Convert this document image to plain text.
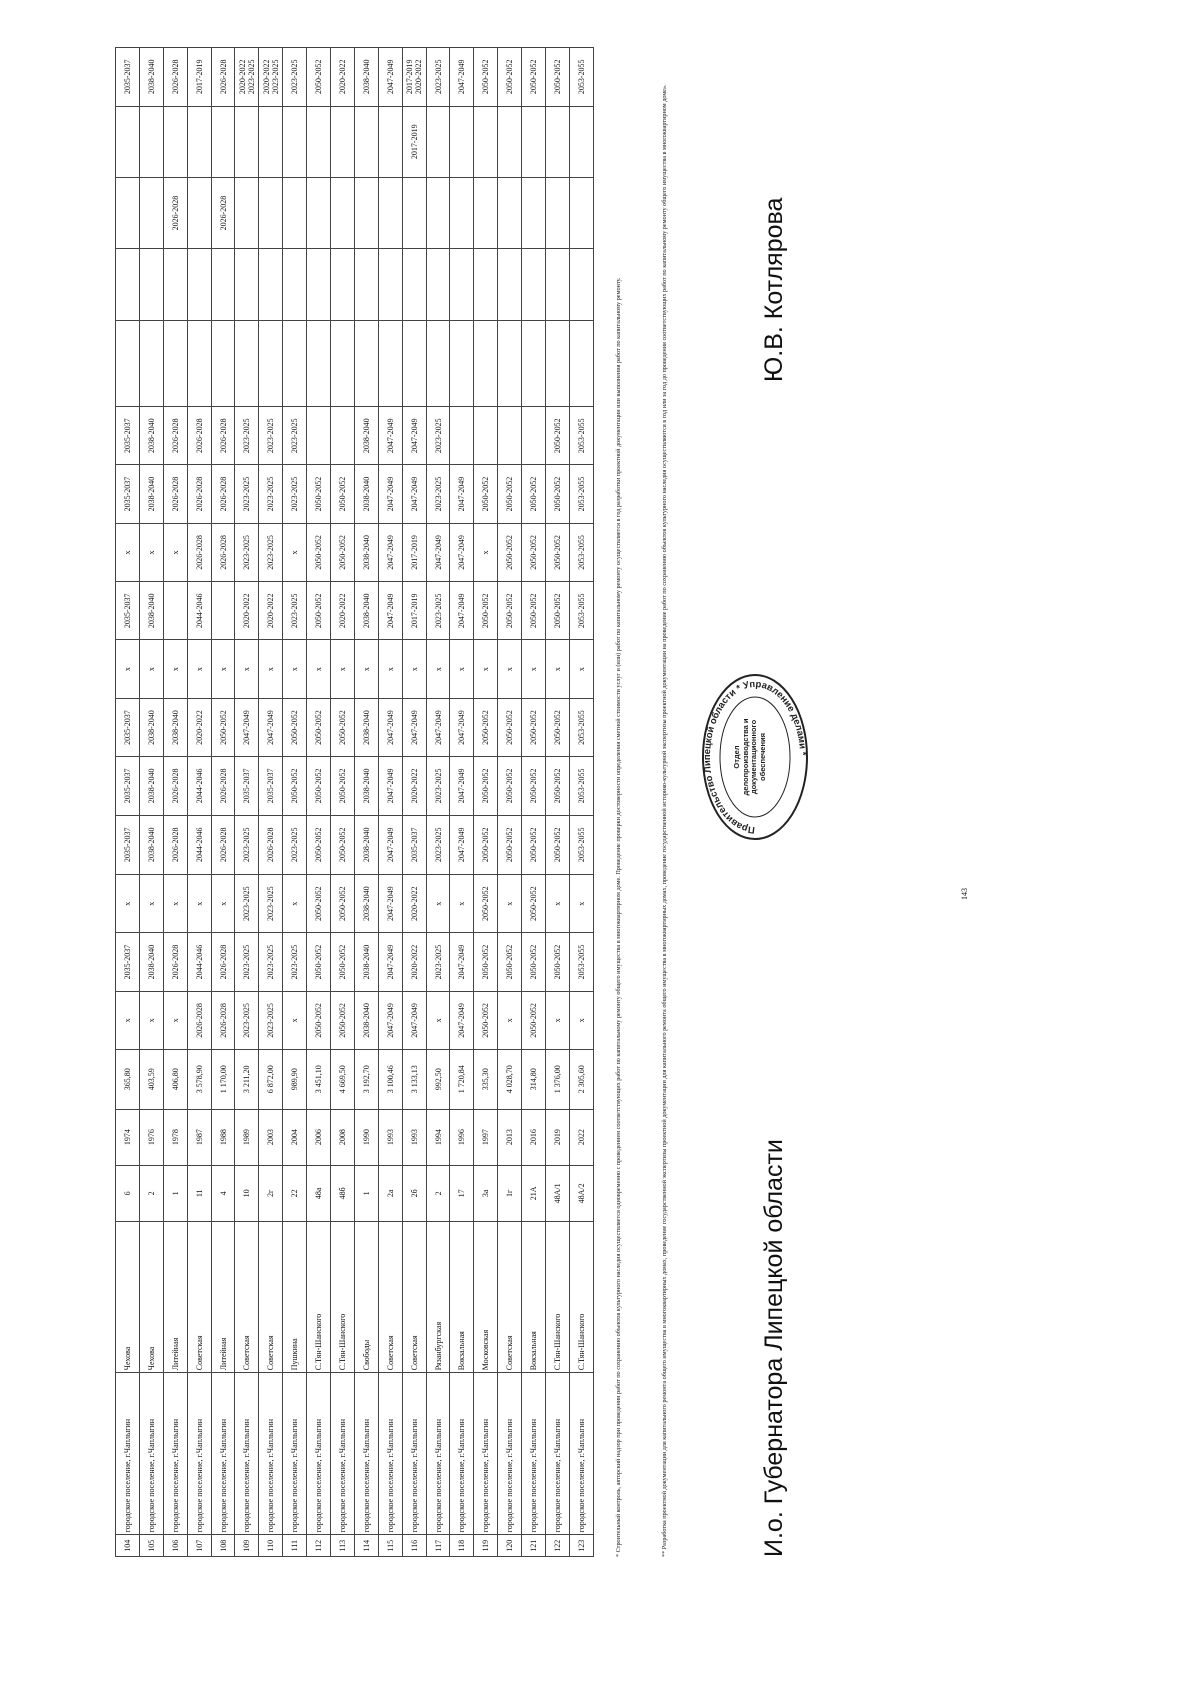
104	городское поселение, г.Чаплыгин	Чехова	6	1974	365,80	х	2035-2037	х	2035-2037	2035-2037	2035-2037	х	2035-2037	х	2035-2037	2035-2037					2035-2037
105	городское поселение, г.Чаплыгин	Чехова	2	1976	403,59	х	2038-2040	х	2038-2040	2038-2040	2038-2040	х	2038-2040	х	2038-2040	2038-2040					2038-2040
106	городское поселение, г.Чаплыгин	Литейная	1	1978	406,80	х	2026-2028	х	2026-2028	2026-2028	2038-2040	х		х	2026-2028	2026-2028			2026-2028		2026-2028
107	городское поселение, г.Чаплыгин	Советская	11	1987	3 578,90	2026-2028	2044-2046	х	2044-2046	2044-2046	2020-2022	х	2044-2046	2026-2028	2026-2028	2026-2028					2017-2019
108	городское поселение, г.Чаплыгин	Литейная	4	1988	1 170,00	2026-2028	2026-2028	х	2026-2028	2026-2028	2050-2052	х		2026-2028	2026-2028	2026-2028			2026-2028		2026-2028
109	городское поселение, г.Чаплыгин	Советская	10	1989	3 211,20	2023-2025	2023-2025	2023-2025	2023-2025	2035-2037	2047-2049	х	2020-2022	2023-2025	2023-2025	2023-2025					2020-2022
2023-2025
110	городское поселение, г.Чаплыгин	Советская	2г	2003	6 872,00	2023-2025	2023-2025	2023-2025	2026-2028	2035-2037	2047-2049	х	2020-2022	2023-2025	2023-2025	2023-2025					2020-2022
2023-2025
111	городское поселение, г.Чаплыгин	Пушкина	22	2004	989,90	х	2023-2025	х	2023-2025	2050-2052	2050-2052	х	2023-2025	х	2023-2025	2023-2025					2023-2025
112	городское поселение, г.Чаплыгин	С.Тян-Шанского	48а	2006	3 451,10	2050-2052	2050-2052	2050-2052	2050-2052	2050-2052	2050-2052	х	2050-2052	2050-2052	2050-2052						2050-2052
113	городское поселение, г.Чаплыгин	С.Тян-Шанского	48б	2008	4 669,50	2050-2052	2050-2052	2050-2052	2050-2052	2050-2052	2050-2052	х	2020-2022	2050-2052	2050-2052						2020-2022
114	городское поселение, г.Чаплыгин	Свободы	1	1990	3 192,70	2038-2040	2038-2040	2038-2040	2038-2040	2038-2040	2038-2040	х	2038-2040	2038-2040	2038-2040	2038-2040					2038-2040
115	городское поселение, г.Чаплыгин	Советская	2а	1993	3 100,46	2047-2049	2047-2049	2047-2049	2047-2049	2047-2049	2047-2049	х	2047-2049	2047-2049	2047-2049	2047-2049					2047-2049
116	городское поселение, г.Чаплыгин	Советская	2б	1993	3 133,13	2047-2049	2020-2022	2020-2022	2035-2037	2020-2022	2047-2049	х	2017-2019	2017-2019	2047-2049	2047-2049				2017-2019	2017-2019
2020-2022
117	городское поселение, г.Чаплыгин	Рязанбургская	2	1994	992,50	х	2023-2025	х	2023-2025	2023-2025	2047-2049	х	2023-2025	2047-2049	2023-2025	2023-2025					2023-2025
118	городское поселение, г.Чаплыгин	Вокзальная	17	1996	1 720,84	2047-2049	2047-2049	х	2047-2049	2047-2049	2047-2049	х	2047-2049	2047-2049	2047-2049						2047-2049
119	городское поселение, г.Чаплыгин	Московская	3а	1997	335,30	2050-2052	2050-2052	2050-2052	2050-2052	2050-2052	2050-2052	х	2050-2052	х	2050-2052						2050-2052
120	городское поселение, г.Чаплыгин	Советская	1г	2013	4 028,70	х	2050-2052	х	2050-2052	2050-2052	2050-2052	х	2050-2052	2050-2052	2050-2052						2050-2052
121	городское поселение, г.Чаплыгин	Вокзальная	21А	2016	314,80	2050-2052	2050-2052	2050-2052	2050-2052	2050-2052	2050-2052	х	2050-2052	2050-2052	2050-2052						2050-2052
122	городское поселение, г.Чаплыгин	С.Тян-Шанского	48А/1	2019	1 376,00	х	2050-2052	х	2050-2052	2050-2052	2050-2052	х	2050-2052	2050-2052	2050-2052	2050-2052					2050-2052
123	городское поселение, г.Чаплыгин	С.Тян-Шанского	48А/2	2022	2 305,60	х	2053-2055	х	2053-2055	2053-2055	2053-2055	х	2053-2055	2053-2055	2053-2055	2053-2055					2053-2055
* Строительный контроль, авторский надзор при проведении работ по сохранению объектов культурного наследия осуществляется одновременно с проведением соответствующих работ по капитальному ремонту общего имущества в многоквартирном доме. Проведение проверки достоверности определения сметной стоимости услуг и (или) работ по капитальному ремонту осуществляется в год разработки проектной документации или выполнения работ по капитальному ремонту.	** Разработка проектной документации для капитального ремонта общего имущества в многоквартирных домах, проведение государственной экспертизы проектной документации для капитального ремонта общего имущества в многоквартирных домах, проведение государственной историко-культурной экспертизы проектной документации на проведение работ по сохранению объектов культурного наследия осуществляются в год или за год до проведения соответствующих работ по капитальному ремонту общего имущества в многоквартирном доме».	И.о. Губернатора Липецкой области
Правительство Липецкой области * Управление делами *
Отдел делопроизводства и документационного обеспечения
Ю.В. Котлярова
143
